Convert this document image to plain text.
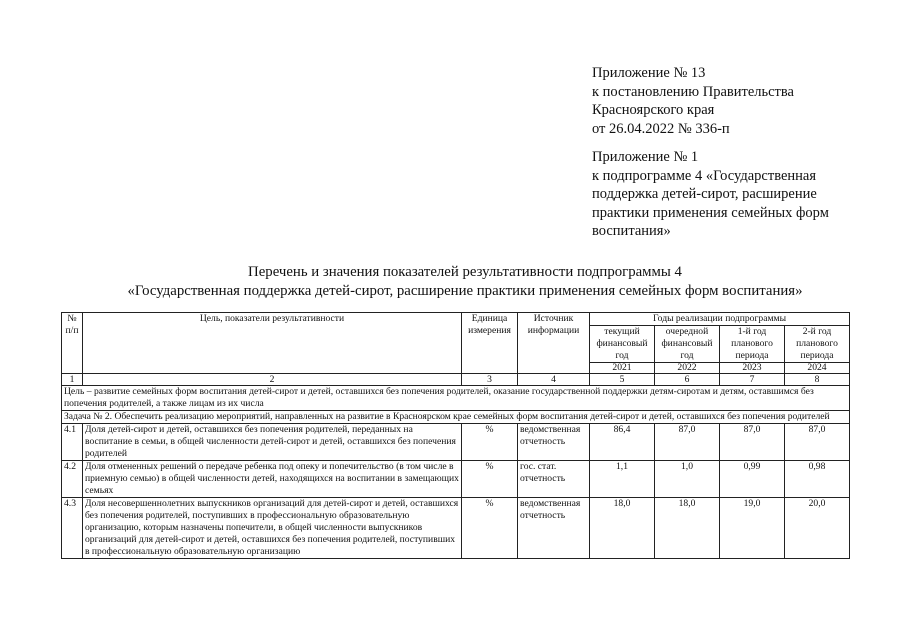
Приложение № 13

к постановлению Правительства

Красноярского края

от 26.04.2022 № 336-п

Приложение № 1

к подпрограмме 4 «Государственная

поддержка детей-сирот, расширение

практики применения семейных форм

воспитания»

Перечень и значения показателей результативности подпрограммы 4

«Государственная поддержка детей-сирот, расширение практики применения семейных форм воспитания»

№ п/п	Цель, показатели результативности	Единица измерения	Источник информации	Годы реализации подпрограммы			
				текущий финансовый год	очередной финансовый год	1-й год планового периода	2-й год планового периода
				2021	2022	2023	2024
1	2	3	4	5	6	7	8
Цель – развитие семейных форм воспитания детей-сирот и детей, оставшихся без попечения родителей, оказание государственной поддержки детям-сиротам и детям, оставшимся без попечения родителей, а также лицам из их числа							
Задача № 2. Обеспечить реализацию мероприятий, направленных на развитие в Красноярском крае семейных форм воспитания детей-сирот и детей, оставшихся без попечения родителей							
4.1	Доля детей-сирот и детей, оставшихся без попечения родителей, переданных на воспитание в семьи, в общей численности детей-сирот и детей, оставшихся без попечения родителей	%	ведомственная отчетность	86,4	87,0	87,0	87,0
4.2	Доля отмененных решений о передаче ребенка под опеку и попечительство (в том числе в приемную семью) в общей численности детей, находящихся на воспитании в замещающих семьях	%	гос. стат. отчетность	1,1	1,0	0,99	0,98
4.3	Доля несовершеннолетних выпускников организаций для детей-сирот и детей, оставшихся без попечения родителей, поступивших в профессиональную образовательную организацию, которым назначены попечители, в общей численности выпускников организаций для детей-сирот и детей, оставшихся без попечения родителей, поступивших в профессиональную образовательную организацию	%	ведомственная отчетность	18,0	18,0	19,0	20,0
